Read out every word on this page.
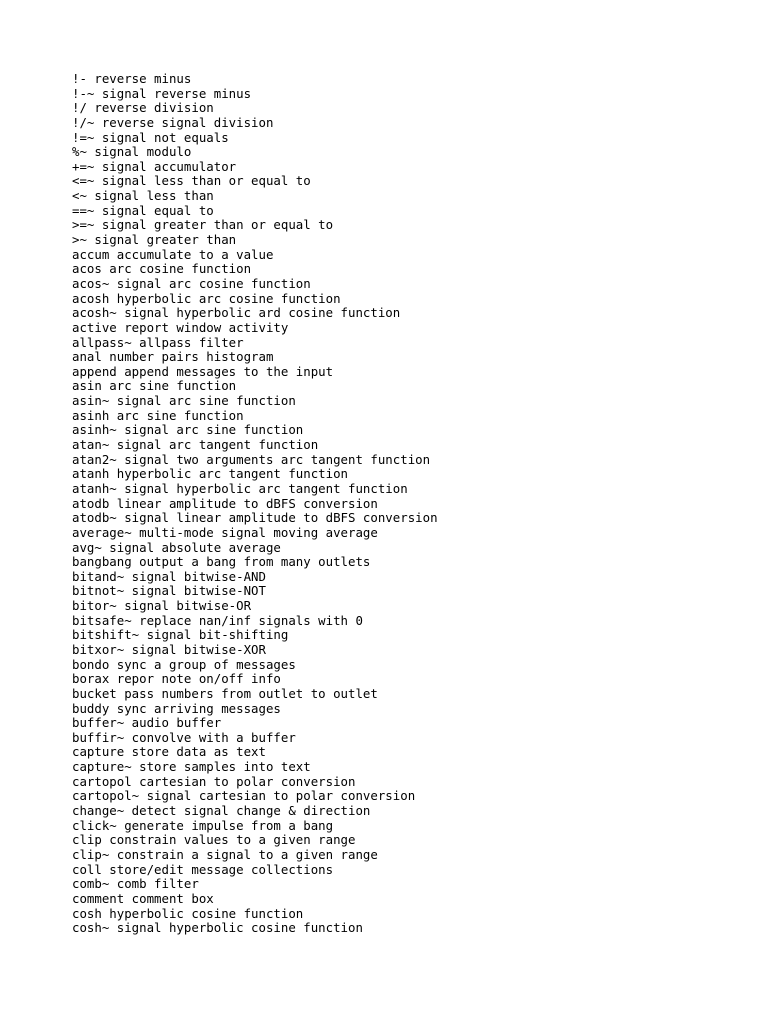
!- reverse minus
!-~ signal reverse minus
!/ reverse division
!/~ reverse signal division
!=~ signal not equals
%~ signal modulo
+=~ signal accumulator
<=~ signal less than or equal to
<~ signal less than
==~ signal equal to
>=~ signal greater than or equal to
>~ signal greater than
accum accumulate to a value
acos arc cosine function
acos~ signal arc cosine function
acosh hyperbolic arc cosine function
acosh~ signal hyperbolic ard cosine function
active report window activity
allpass~ allpass filter
anal number pairs histogram
append append messages to the input
asin arc sine function
asin~ signal arc sine function
asinh arc sine function
asinh~ signal arc sine function
atan~ signal arc tangent function
atan2~ signal two arguments arc tangent function
atanh hyperbolic arc tangent function
atanh~ signal hyperbolic arc tangent function
atodb linear amplitude to dBFS conversion
atodb~ signal linear amplitude to dBFS conversion
average~ multi-mode signal moving average
avg~ signal absolute average
bangbang output a bang from many outlets
bitand~ signal bitwise-AND
bitnot~ signal bitwise-NOT
bitor~ signal bitwise-OR
bitsafe~ replace nan/inf signals with 0
bitshift~ signal bit-shifting
bitxor~ signal bitwise-XOR
bondo sync a group of messages
borax repor note on/off info
bucket pass numbers from outlet to outlet
buddy sync arriving messages
buffer~ audio buffer
buffir~ convolve with a buffer
capture store data as text
capture~ store samples into text
cartopol cartesian to polar conversion
cartopol~ signal cartesian to polar conversion
change~ detect signal change & direction
click~ generate impulse from a bang
clip constrain values to a given range
clip~ constrain a signal to a given range
coll store/edit message collections
comb~ comb filter
comment comment box
cosh hyperbolic cosine function
cosh~ signal hyperbolic cosine function
